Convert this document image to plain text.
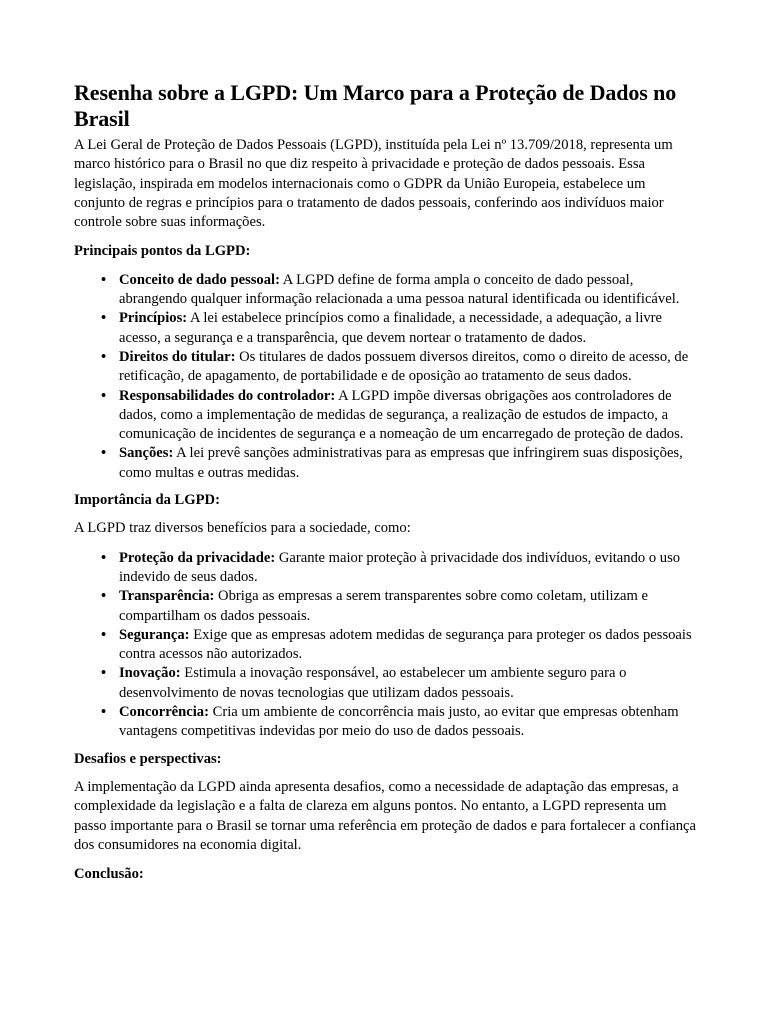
Resenha sobre a LGPD: Um Marco para a Proteção de Dados no Brasil

A Lei Geral de Proteção de Dados Pessoais (LGPD), instituída pela Lei nº 13.709/2018, representa um marco histórico para o Brasil no que diz respeito à privacidade e proteção de dados pessoais. Essa legislação, inspirada em modelos internacionais como o GDPR da União Europeia, estabelece um conjunto de regras e princípios para o tratamento de dados pessoais, conferindo aos indivíduos maior controle sobre suas informações.

Principais pontos da LGPD:
• Conceito de dado pessoal: A LGPD define de forma ampla o conceito de dado pessoal, abrangendo qualquer informação relacionada a uma pessoa natural identificada ou identificável.
• Princípios: A lei estabelece princípios como a finalidade, a necessidade, a adequação, a livre acesso, a segurança e a transparência, que devem nortear o tratamento de dados.
• Direitos do titular: Os titulares de dados possuem diversos direitos, como o direito de acesso, de retificação, de apagamento, de portabilidade e de oposição ao tratamento de seus dados.
• Responsabilidades do controlador: A LGPD impõe diversas obrigações aos controladores de dados, como a implementação de medidas de segurança, a realização de estudos de impacto, a comunicação de incidentes de segurança e a nomeação de um encarregado de proteção de dados.
• Sanções: A lei prevê sanções administrativas para as empresas que infringirem suas disposições, como multas e outras medidas.
Importância da LGPD:

A LGPD traz diversos benefícios para a sociedade, como:

• Proteção da privacidade: Garante maior proteção à privacidade dos indivíduos, evitando o uso indevido de seus dados.
• Transparência: Obriga as empresas a serem transparentes sobre como coletam, utilizam e compartilham os dados pessoais.
• Segurança: Exige que as empresas adotem medidas de segurança para proteger os dados pessoais contra acessos não autorizados.
• Inovação: Estimula a inovação responsável, ao estabelecer um ambiente seguro para o desenvolvimento de novas tecnologias que utilizam dados pessoais.
• Concorrência: Cria um ambiente de concorrência mais justo, ao evitar que empresas obtenham vantagens competitivas indevidas por meio do uso de dados pessoais.
Desafios e perspectivas:

A implementação da LGPD ainda apresenta desafios, como a necessidade de adaptação das empresas, a complexidade da legislação e a falta de clareza em alguns pontos. No entanto, a LGPD representa um passo importante para o Brasil se tornar uma referência em proteção de dados e para fortalecer a confiança dos consumidores na economia digital.

Conclusão:
